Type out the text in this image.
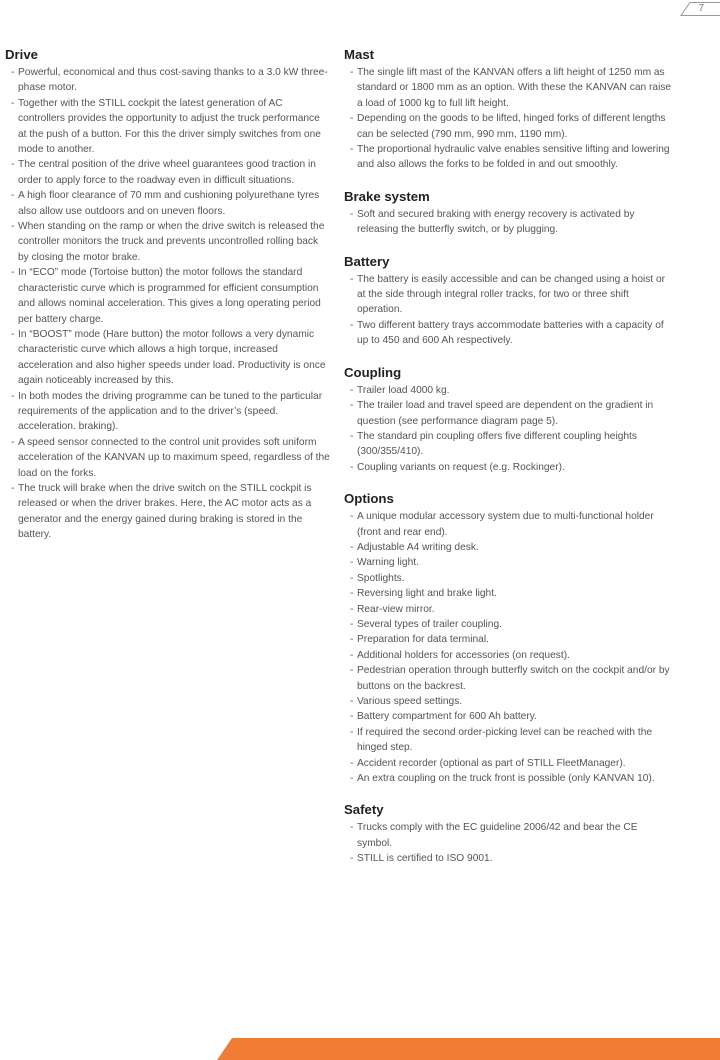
7
Drive
- Powerful, economical and thus cost-saving thanks to a 3.0 kW three-phase motor.
- Together with the STILL cockpit the latest generation of AC controllers provides the opportunity to adjust the truck performance at the push of a button. For this the driver simply switches from one mode to another.
- The central position of the drive wheel guarantees good traction in order to apply force to the roadway even in difficult situations.
- A high floor clearance of 70 mm and cushioning polyurethane tyres also allow use outdoors and on uneven floors.
- When standing on the ramp or when the drive switch is released the controller monitors the truck and prevents uncontrolled rolling back by closing the motor brake.
- In “ECO” mode (Tortoise button) the motor follows the standard characteristic curve which is programmed for efficient consumption and allows nominal acceleration. This gives a long operating period per battery charge.
- In “BOOST” mode (Hare button) the motor follows a very dynamic characteristic curve which allows a high torque, increased acceleration and also higher speeds under load. Productivity is once again noticeably increased by this.
- In both modes the driving programme can be tuned to the particular requirements of the application and to the driver’s (speed. acceleration. braking).
- A speed sensor connected to the control unit provides soft uniform acceleration of the KANVAN up to maximum speed, regardless of the load on the forks.
- The truck will brake when the drive switch on the STILL cockpit is released or when the driver brakes. Here, the AC motor acts as a generator and the energy gained during braking is stored in the battery.
Mast
- The single lift mast of the KANVAN offers a lift height of 1250 mm as standard or 1800 mm as an option. With these the KANVAN can raise a load of 1000 kg to full lift height.
- Depending on the goods to be lifted, hinged forks of different lengths can be selected (790 mm, 990 mm, 1190 mm).
- The proportional hydraulic valve enables sensitive lifting and lowering and also allows the forks to be folded in and out smoothly.
Brake system
- Soft and secured braking with energy recovery is activated by releasing the butterfly switch, or by plugging.
Battery
- The battery is easily accessible and can be changed using a hoist or at the side through integral roller tracks, for two or three shift operation.
- Two different battery trays accommodate batteries with a capacity of up to 450 and 600 Ah respectively.
Coupling
- Trailer load 4000 kg.
- The trailer load and travel speed are dependent on the gradient in question (see performance diagram page 5).
- The standard pin coupling offers five different coupling heights (300/355/410).
- Coupling variants on request (e.g. Rockinger).
Options
- A unique modular accessory system due to multi-functional holder (front and rear end).
- Adjustable A4 writing desk.
- Warning light.
- Spotlights.
- Reversing light and brake light.
- Rear-view mirror.
- Several types of trailer coupling.
- Preparation for data terminal.
- Additional holders for accessories (on request).
- Pedestrian operation through butterfly switch on the cockpit and/or by buttons on the backrest.
- Various speed settings.
- Battery compartment for 600 Ah battery.
- If required the second order-picking level can be reached with the hinged step.
- Accident recorder (optional as part of STILL FleetManager).
- An extra coupling on the truck front is possible (only KANVAN 10).
Safety
- Trucks comply with the EC guideline 2006/42 and bear the CE symbol.
- STILL is certified to ISO 9001.
